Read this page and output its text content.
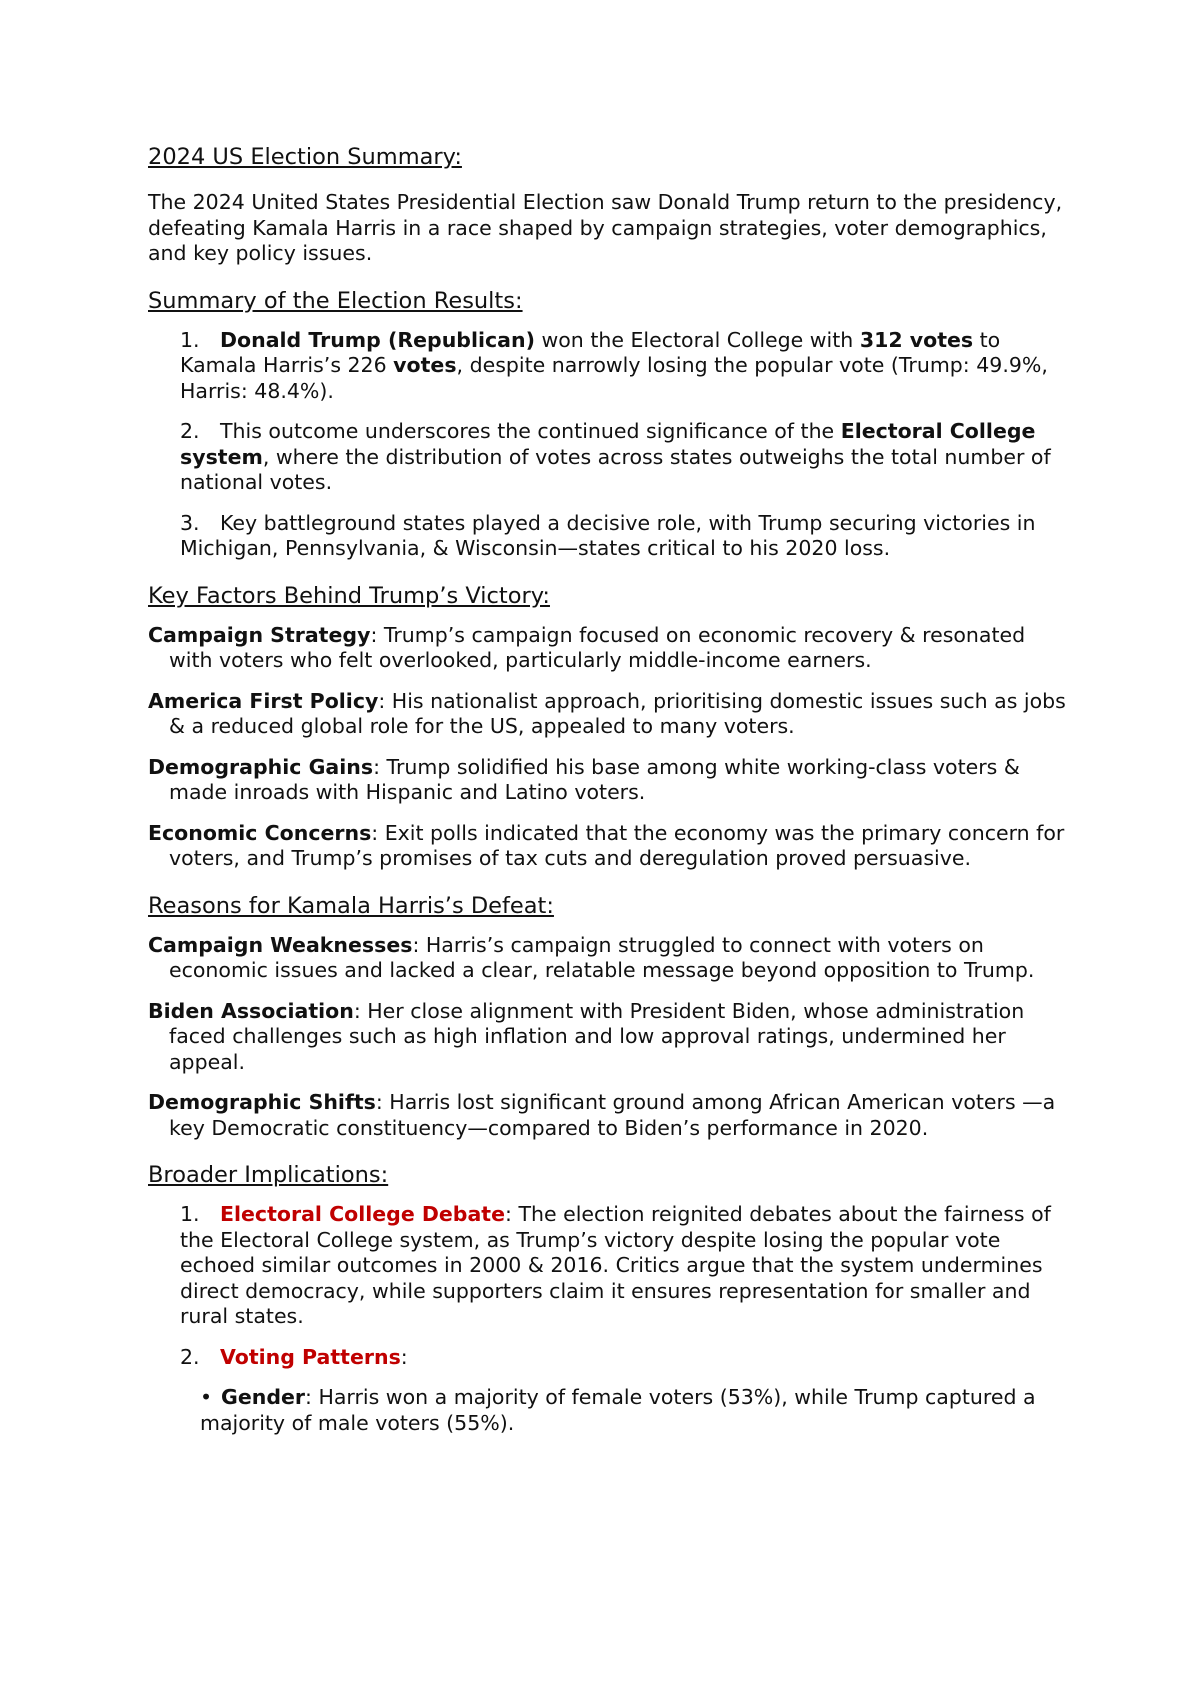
2024 US Election Summary:

The 2024 United States Presidential Election saw Donald Trump return to the presidency, defeating Kamala Harris in a race shaped by campaign strategies, voter demographics, and key policy issues.

Summary of the Election Results:

1. Donald Trump (Republican) won the Electoral College with 312 votes to Kamala Harris’s 226 votes, despite narrowly losing the popular vote (Trump: 49.9%, Harris: 48.4%).

2. This outcome underscores the continued significance of the Electoral College system, where the distribution of votes across states outweighs the total number of national votes.

3. Key battleground states played a decisive role, with Trump securing victories in Michigan, Pennsylvania, & Wisconsin—states critical to his 2020 loss.

Key Factors Behind Trump’s Victory:

Campaign Strategy: Trump’s campaign focused on economic recovery & resonated with voters who felt overlooked, particularly middle-income earners.

America First Policy: His nationalist approach, prioritising domestic issues such as jobs & a reduced global role for the US, appealed to many voters.

Demographic Gains: Trump solidified his base among white working-class voters & made inroads with Hispanic and Latino voters.

Economic Concerns: Exit polls indicated that the economy was the primary concern for voters, and Trump’s promises of tax cuts and deregulation proved persuasive.

Reasons for Kamala Harris’s Defeat:

Campaign Weaknesses: Harris’s campaign struggled to connect with voters on economic issues and lacked a clear, relatable message beyond opposition to Trump.

Biden Association: Her close alignment with President Biden, whose administration faced challenges such as high inflation and low approval ratings, undermined her appeal.

Demographic Shifts: Harris lost significant ground among African American voters —a key Democratic constituency—compared to Biden’s performance in 2020.

Broader Implications:

1. Electoral College Debate: The election reignited debates about the fairness of the Electoral College system, as Trump’s victory despite losing the popular vote echoed similar outcomes in 2000 & 2016. Critics argue that the system undermines direct democracy, while supporters claim it ensures representation for smaller and rural states.

2. Voting Patterns:

• Gender: Harris won a majority of female voters (53%), while Trump captured a majority of male voters (55%).
